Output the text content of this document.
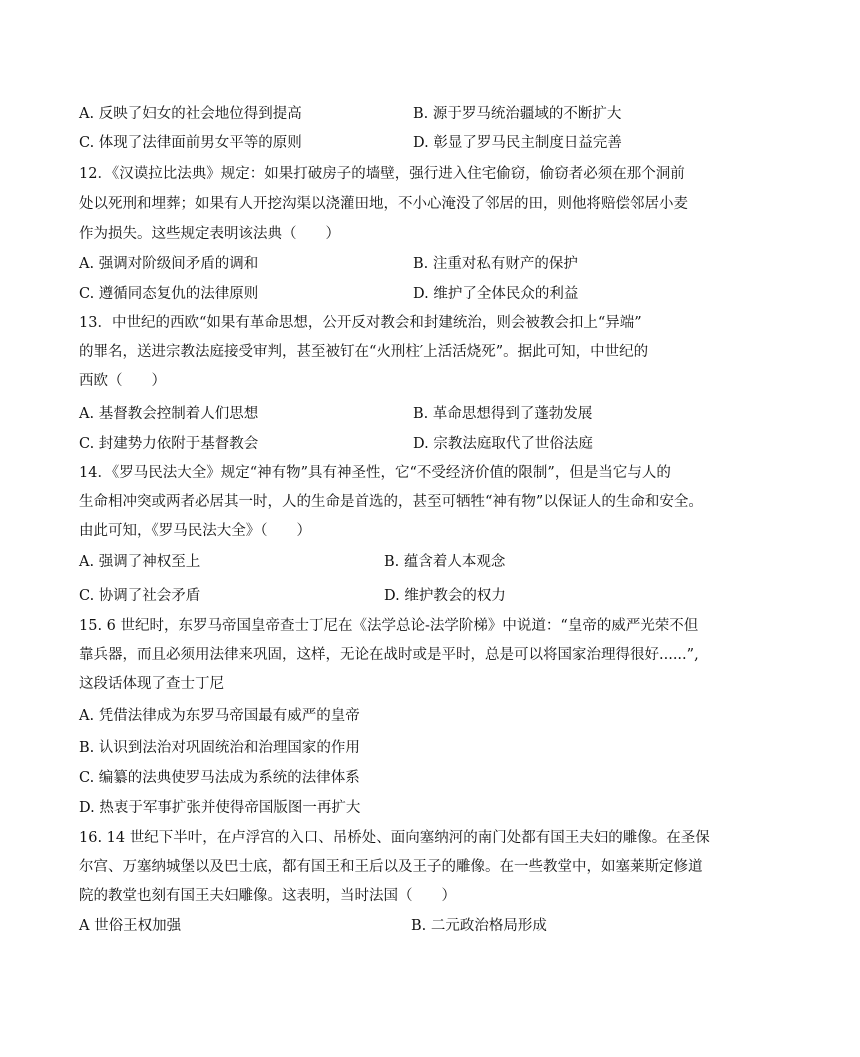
A. 反映了妇女的社会地位得到提高	B. 源于罗马统治疆域的不断扩大
C. 体现了法律面前男女平等的原则	D. 彰显了罗马民主制度日益完善
12．《汉谟拉比法典》规定：如果打破房子的墙壁，强行进入住宅偷窃，偷窃者必须在那个洞前
处以死刑和埋葬；如果有人开挖沟渠以浇灌田地，不小心淹没了邻居的田，则他将赔偿邻居小麦
作为损失。这些规定表明该法典（　　）
A. 强调对阶级间矛盾的调和	B. 注重对私有财产的保护
C. 遵循同态复仇的法律原则	D. 维护了全体民众的利益
13．中世纪的西欧“如果有革命思想，公开反对教会和封建统治，则会被教会扣上“异端”
的罪名，送进宗教法庭接受审判，甚至被钉在“火刑柱′上活活烧死”。据此可知，中世纪的
西欧（　　）
A. 基督教会控制着人们思想	B. 革命思想得到了蓬勃发展
C. 封建势力依附于基督教会	D. 宗教法庭取代了世俗法庭
14．《罗马民法大全》规定“神有物”具有神圣性，它“不受经济价值的限制”，但是当它与人的
生命相冲突或两者必居其一时，人的生命是首选的，甚至可牺牲“神有物”以保证人的生命和安全。
由此可知，《罗马民法大全》（　　）
A. 强调了神权至上	B. 蕴含着人本观念
C. 协调了社会矛盾	D. 维护教会的权力
15. 6 世纪时，东罗马帝国皇帝查士丁尼在《法学总论-法学阶梯》中说道：“皇帝的威严光荣不但
靠兵器，而且必须用法律来巩固，这样，无论在战时或是平时，总是可以将国家治理得很好......”,
这段话体现了查士丁尼
A. 凭借法律成为东罗马帝国最有威严的皇帝
B. 认识到法治对巩固统治和治理国家的作用
C. 编纂的法典使罗马法成为系统的法律体系
D. 热衷于军事扩张并使得帝国版图一再扩大
16. 14 世纪下半叶，在卢浮宫的入口、吊桥处、面向塞纳河的南门处都有国王夫妇的雕像。在圣保
尔宫、万塞纳城堡以及巴士底，都有国王和王后以及王子的雕像。在一些教堂中，如塞莱斯定修道
院的教堂也刻有国王夫妇雕像。这表明，当时法国（　　）
A 世俗王权加强	B. 二元政治格局形成
